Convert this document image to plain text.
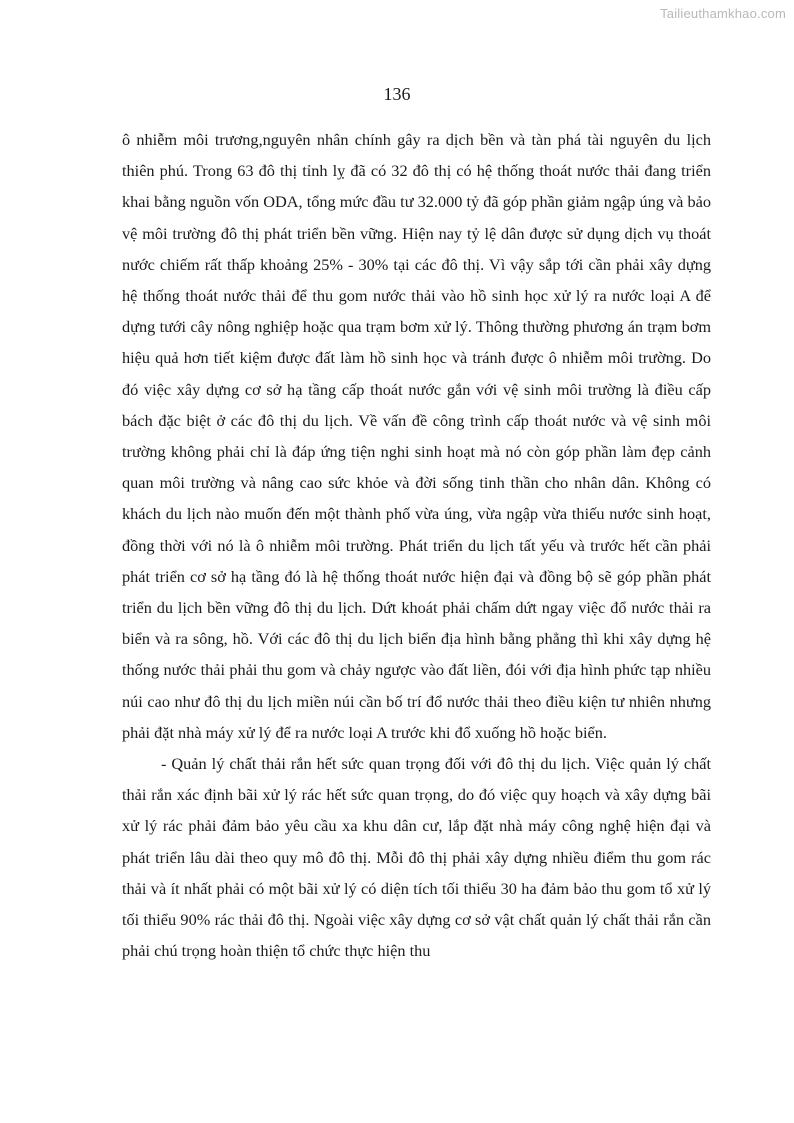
Tailieuthamkhao.com
136

ô nhiễm môi trương,nguyên nhân chính gây ra dịch bền và tàn phá tài nguyên du lịch thiên phú. Trong 63 đô thị tỉnh lỵ đã có 32 đô thị có hệ thống thoát nước thải đang triển khai bằng nguồn vốn ODA, tổng mức đầu tư 32.000 tỷ đã góp phần giảm ngập úng và bảo vệ môi trường đô thị phát triển bền vững. Hiện nay tỷ lệ dân được sử dụng dịch vụ thoát nước chiếm rất thấp khoảng 25% - 30% tại các đô thị. Vì vậy sắp tới cần phải xây dựng hệ thống thoát nước thải để thu gom nước thải vào hồ sinh học xử lý ra nước loại A để dựng tưới cây nông nghiệp hoặc qua trạm bơm xử lý. Thông thường phương án trạm bơm hiệu quả hơn tiết kiệm được đất làm hồ sinh học và tránh được ô nhiễm môi trường. Do đó việc xây dựng cơ sở hạ tầng cấp thoát nước gắn với vệ sinh môi trường là điều cấp bách đặc biệt ở các đô thị du lịch. Về vấn đề công trình cấp thoát nước và vệ sinh môi trường không phải chỉ là đáp ứng tiện nghi sinh hoạt mà nó còn góp phần làm đẹp cảnh quan môi trường và nâng cao sức khỏe và đời sống tinh thần cho nhân dân. Không có khách du lịch nào muốn đến một thành phố vừa úng, vừa ngập vừa thiếu nước sinh hoạt, đồng thời với nó là ô nhiễm môi trường. Phát triển du lịch tất yếu và trước hết cần phải phát triển cơ sở hạ tầng đó là hệ thống thoát nước hiện đại và đồng bộ sẽ góp phần phát triển du lịch bền vững đô thị du lịch. Dứt khoát phải chấm dứt ngay việc đổ nước thải ra biển và ra sông, hồ. Với các đô thị du lịch biển địa hình bằng phẳng thì khi xây dựng hệ thống nước thải phải thu gom và chảy ngược vào đất liền, đói với địa hình phức tạp nhiều núi cao như đô thị du lịch miền núi cần bố trí đổ nước thải theo điều kiện tư nhiên nhưng phải đặt nhà máy xử lý để ra nước loại A trước khi đổ xuống hồ hoặc biển.

- Quản lý chất thải rắn hết sức quan trọng đối với đô thị du lịch. Việc quản lý chất thải rắn xác định bãi xử lý rác hết sức quan trọng, do đó việc quy hoạch và xây dựng bãi xử lý rác phải đảm bảo yêu cầu xa khu dân cư, lắp đặt nhà máy công nghệ hiện đại và phát triển lâu dài theo quy mô đô thị. Mỗi đô thị phải xây dựng nhiều điểm thu gom rác thải và ít nhất phải có một bãi xử lý có diện tích tối thiểu 30 ha đảm bảo thu gom tổ xử lý tối thiểu 90% rác thải đô thị. Ngoài việc xây dựng cơ sở vật chất quản lý chất thải rắn cần phải chú trọng hoàn thiện tổ chức thực hiện thu
